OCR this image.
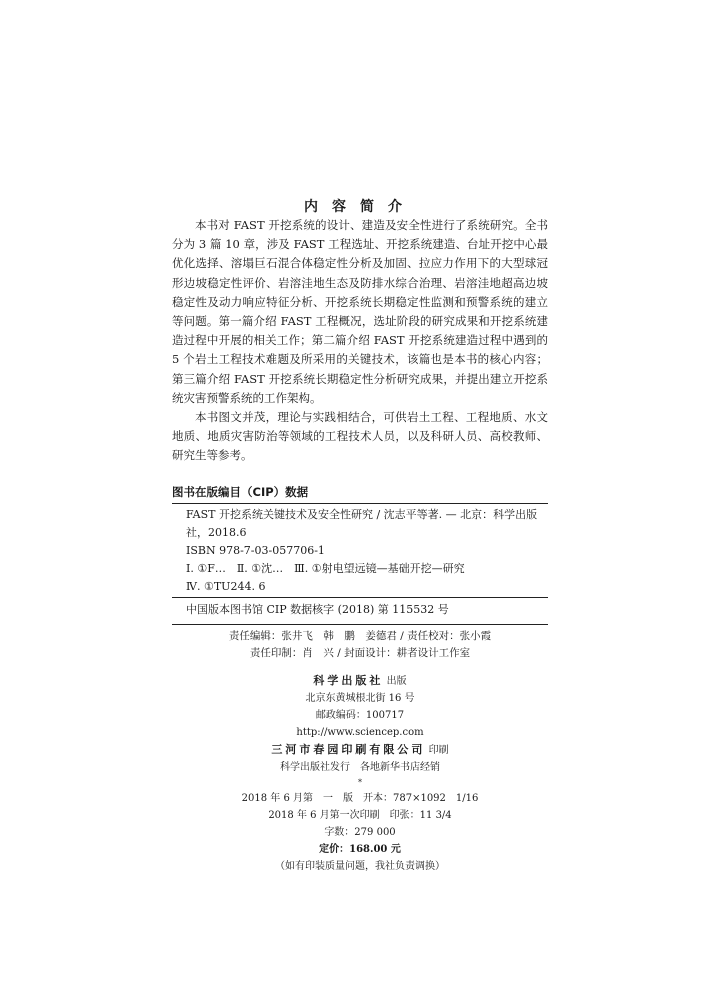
内容简介

本书对 FAST 开挖系统的设计、建造及安全性进行了系统研究。全书分为 3 篇 10 章，涉及 FAST 工程选址、开挖系统建造、台址开挖中心最优化选择、溶塌巨石混合体稳定性分析及加固、拉应力作用下的大型球冠形边坡稳定性评价、岩溶洼地生态及防排水综合治理、岩溶洼地超高边坡稳定性及动力响应特征分析、开挖系统长期稳定性监测和预警系统的建立等问题。第一篇介绍 FAST 工程概况，选址阶段的研究成果和开挖系统建造过程中开展的相关工作；第二篇介绍 FAST 开挖系统建造过程中遇到的 5 个岩土工程技术难题及所采用的关键技术，该篇也是本书的核心内容；第三篇介绍 FAST 开挖系统长期稳定性分析研究成果，并提出建立开挖系统灾害预警系统的工作架构。

本书图文并茂，理论与实践相结合，可供岩土工程、工程地质、水文地质、地质灾害防治等领域的工程技术人员，以及科研人员、高校教师、研究生等参考。

图书在版编目（CIP）数据
FAST 开挖系统关键技术及安全性研究 / 沈志平等著. — 北京：科学出版社，2018.6
ISBN 978-7-03-057706-1
Ⅰ. ①F…　Ⅱ. ①沈…　Ⅲ. ①射电望远镜—基础开挖—研究
Ⅳ. ①TU244. 6
中国版本图书馆 CIP 数据核字 (2018) 第 115532 号
责任编辑：张井飞　韩　鹏　姜德君 / 责任校对：张小霞
责任印制：肖　兴 / 封面设计：耕者设计工作室
科学出版社 出版
北京东黄城根北街 16 号
邮政编码：100717
http://www.sciencep.com
三河市春园印刷有限公司 印刷
科学出版社发行　各地新华书店经销
*
2018 年 6 月第　一　版　开本：787×1092　1/16
2018 年 6 月第一次印刷　印张：11 3/4
字数：279 000
定价：168.00 元
（如有印装质量问题，我社负责调换）
